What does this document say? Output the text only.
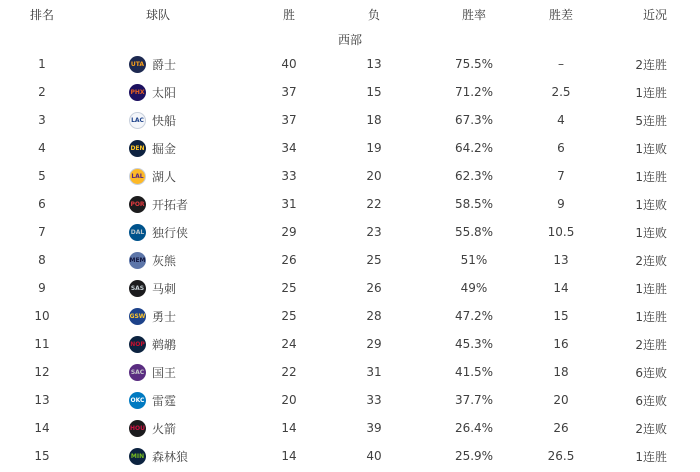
排名	球队	胜	负	胜率	胜差	近况
西部						
1	UTA 爵士	40	13	75.5%	–	2连胜
2	PHX 太阳	37	15	71.2%	2.5	1连胜
3	LAC 快船	37	18	67.3%	4	5连胜
4	DEN 掘金	34	19	64.2%	6	1连败
5	LAL 湖人	33	20	62.3%	7	1连胜
6	POR 开拓者	31	22	58.5%	9	1连败
7	DAL 独行侠	29	23	55.8%	10.5	1连败
8	MEM 灰熊	26	25	51%	13	2连败
9	SAS 马刺	25	26	49%	14	1连胜
10	GSW 勇士	25	28	47.2%	15	1连胜
11	NOP 鹈鹕	24	29	45.3%	16	2连胜
12	SAC 国王	22	31	41.5%	18	6连败
13	OKC 雷霆	20	33	37.7%	20	6连败
14	HOU 火箭	14	39	26.4%	26	2连败
15	MIN 森林狼	14	40	25.9%	26.5	1连胜
